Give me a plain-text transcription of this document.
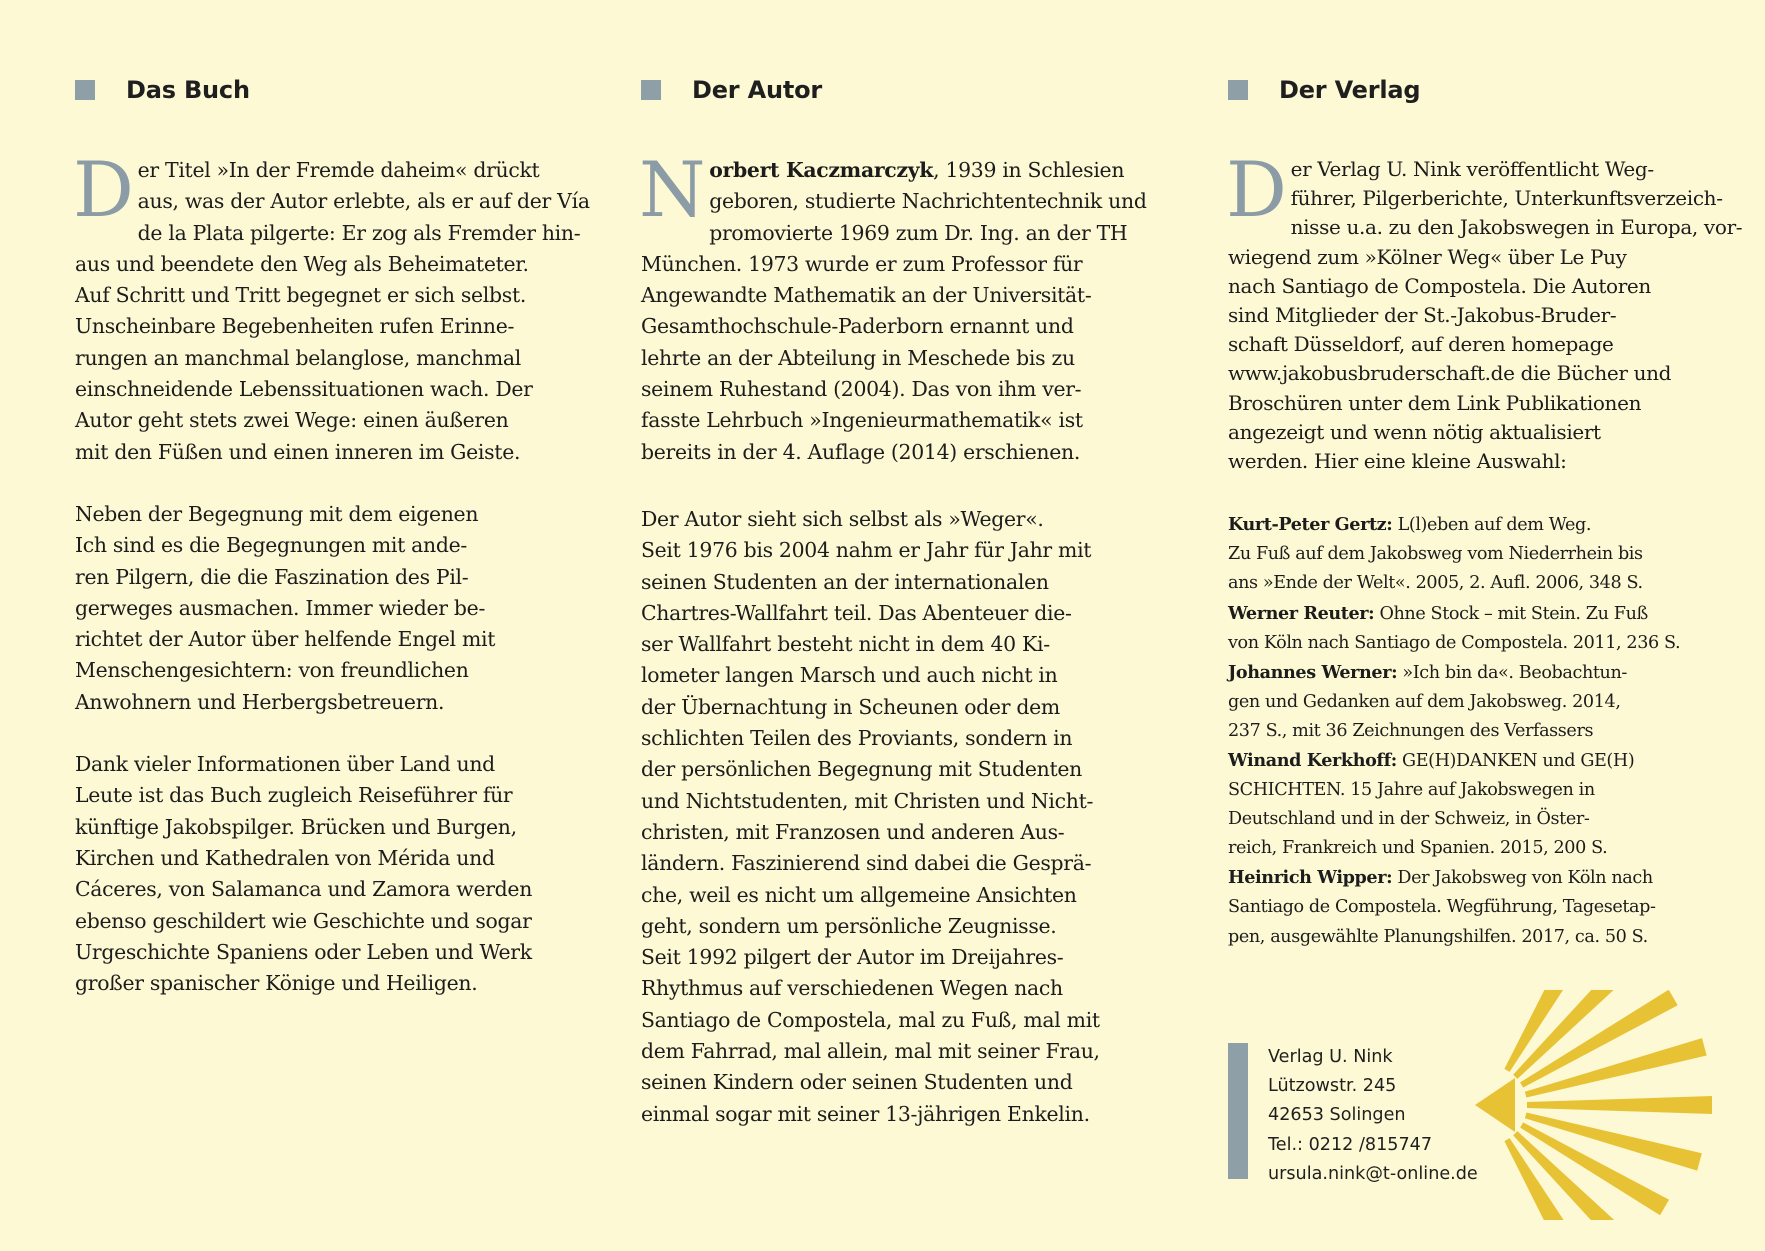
Das Buch
D er Titel »In der Fremde daheim« drückt
aus, was der Autor erlebte, als er auf der Vía
de la Plata pilgerte: Er zog als Fremder hin-
aus und beendete den Weg als Beheimateter.
Auf Schritt und Tritt begegnet er sich selbst.
Unscheinbare Begebenheiten rufen Erinne-
rungen an manchmal belanglose, manchmal
einschneidende Lebenssituationen wach. Der
Autor geht stets zwei Wege: einen äußeren
mit den Füßen und einen inneren im Geiste.
Neben der Begegnung mit dem eigenen
Ich sind es die Begegnungen mit ande-
ren Pilgern, die die Faszination des Pil-
gerweges ausmachen. Immer wieder be-
richtet der Autor über helfende Engel mit
Menschengesichtern: von freundlichen
Anwohnern und Herbergsbetreuern.
Dank vieler Informationen über Land und
Leute ist das Buch zugleich Reiseführer für
künftige Jakobspilger. Brücken und Burgen,
Kirchen und Kathedralen von Mérida und
Cáceres, von Salamanca und Zamora werden
ebenso geschildert wie Geschichte und sogar
Urgeschichte Spaniens oder Leben und Werk
großer spanischer Könige und Heiligen.
Der Autor
N orbert Kaczmarczyk, 1939 in Schlesien
geboren, studierte Nachrichtentechnik und
promovierte 1969 zum Dr. Ing. an der TH
München. 1973 wurde er zum Professor für
Angewandte Mathematik an der Universität-
Gesamthochschule-Paderborn ernannt und
lehrte an der Abteilung in Meschede bis zu
seinem Ruhestand (2004). Das von ihm ver-
fasste Lehrbuch »Ingenieurmathematik« ist
bereits in der 4. Auflage (2014) erschienen.
Der Autor sieht sich selbst als »Weger«.
Seit 1976 bis 2004 nahm er Jahr für Jahr mit
seinen Studenten an der internationalen
Chartres-Wallfahrt teil. Das Abenteuer die-
ser Wallfahrt besteht nicht in dem 40 Ki-
lometer langen Marsch und auch nicht in
der Übernachtung in Scheunen oder dem
schlichten Teilen des Proviants, sondern in
der persönlichen Begegnung mit Studenten
und Nichtstudenten, mit Christen und Nicht-
christen, mit Franzosen und anderen Aus-
ländern. Faszinierend sind dabei die Gesprä-
che, weil es nicht um allgemeine Ansichten
geht, sondern um persönliche Zeugnisse.
Seit 1992 pilgert der Autor im Dreijahres-
Rhythmus auf verschiedenen Wegen nach
Santiago de Compostela, mal zu Fuß, mal mit
dem Fahrrad, mal allein, mal mit seiner Frau,
seinen Kindern oder seinen Studenten und
einmal sogar mit seiner 13-jährigen Enkelin.
Der Verlag
D er Verlag U. Nink veröffentlicht Weg-
führer, Pilgerberichte, Unterkunftsverzeich-
nisse u.a. zu den Jakobswegen in Europa, vor-
wiegend zum »Kölner Weg« über Le Puy
nach Santiago de Compostela. Die Autoren
sind Mitglieder der St.-Jakobus-Bruder-
schaft Düsseldorf, auf deren homepage
www.jakobusbruderschaft.de die Bücher und
Broschüren unter dem Link Publikationen
angezeigt und wenn nötig aktualisiert
werden. Hier eine kleine Auswahl:
Kurt-Peter Gertz: L(l)eben auf dem Weg.
Zu Fuß auf dem Jakobsweg vom Niederrhein bis
ans »Ende der Welt«. 2005, 2. Aufl. 2006, 348 S.
Werner Reuter: Ohne Stock – mit Stein. Zu Fuß
von Köln nach Santiago de Compostela. 2011, 236 S.
Johannes Werner: »Ich bin da«. Beobachtun-
gen und Gedanken auf dem Jakobsweg. 2014,
237 S., mit 36 Zeichnungen des Verfassers
Winand Kerkhoff: GE(H)DANKEN und GE(H)
SCHICHTEN. 15 Jahre auf Jakobswegen in
Deutschland und in der Schweiz, in Öster-
reich, Frankreich und Spanien. 2015, 200 S.
Heinrich Wipper: Der Jakobsweg von Köln nach
Santiago de Compostela. Wegführung, Tagesetap-
pen, ausgewählte Planungshilfen. 2017, ca. 50 S.
Verlag U. Nink
Lützowstr. 245
42653 Solingen
Tel.: 0212 /815747
ursula.nink@t-online.de
